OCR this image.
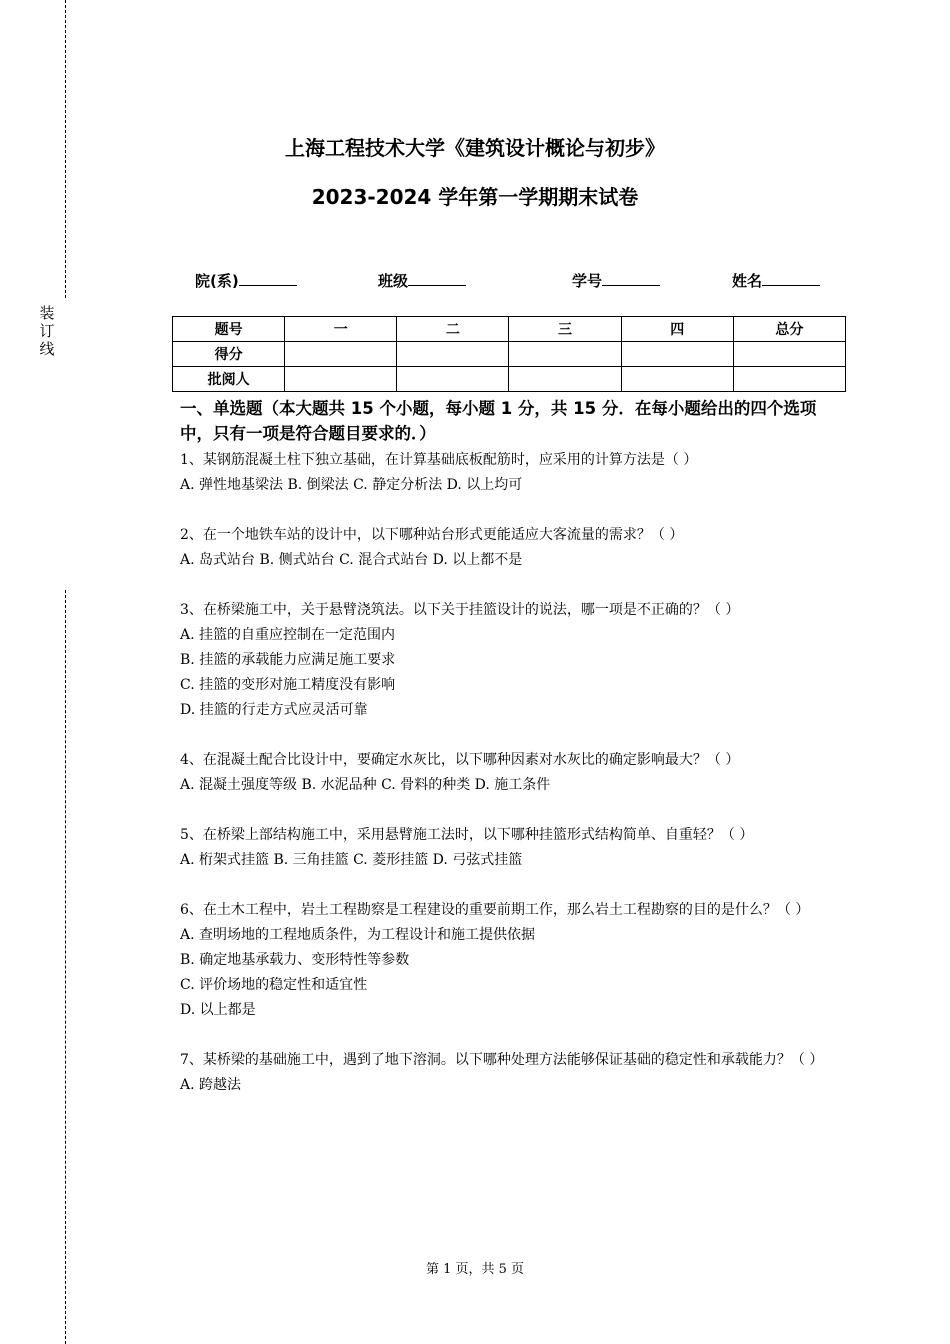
装
订
线
上海工程技术大学《建筑设计概论与初步》
2023-2024 学年第一学期期末试卷
院(系)	班级	学号	姓名
题号	一	二	三	四	总分
得分					
批阅人					
一、单选题（本大题共 15 个小题，每小题 1 分，共 15 分．在每小题给出的四个选项中，只有一项是符合题目要求的．）
1、某钢筋混凝土柱下独立基础，在计算基础底板配筋时，应采用的计算方法是（ ）
A. 弹性地基梁法 B. 倒梁法 C. 静定分析法 D. 以上均可
2、在一个地铁车站的设计中，以下哪种站台形式更能适应大客流量的需求？（ ）
A. 岛式站台 B. 侧式站台 C. 混合式站台 D. 以上都不是
3、在桥梁施工中，关于悬臂浇筑法。以下关于挂篮设计的说法，哪一项是不正确的？（ ）
A. 挂篮的自重应控制在一定范围内
B. 挂篮的承载能力应满足施工要求
C. 挂篮的变形对施工精度没有影响
D. 挂篮的行走方式应灵活可靠
4、在混凝土配合比设计中，要确定水灰比，以下哪种因素对水灰比的确定影响最大？（ ）
A. 混凝土强度等级 B. 水泥品种 C. 骨料的种类 D. 施工条件
5、在桥梁上部结构施工中，采用悬臂施工法时，以下哪种挂篮形式结构简单、自重轻？（ ）
A. 桁架式挂篮 B. 三角挂篮 C. 菱形挂篮 D. 弓弦式挂篮
6、在土木工程中，岩土工程勘察是工程建设的重要前期工作，那么岩土工程勘察的目的是什么？（ ）
A. 查明场地的工程地质条件，为工程设计和施工提供依据
B. 确定地基承载力、变形特性等参数
C. 评价场地的稳定性和适宜性
D. 以上都是
7、某桥梁的基础施工中，遇到了地下溶洞。以下哪种处理方法能够保证基础的稳定性和承载能力？（ ）
A. 跨越法
第 1 页，共 5 页
